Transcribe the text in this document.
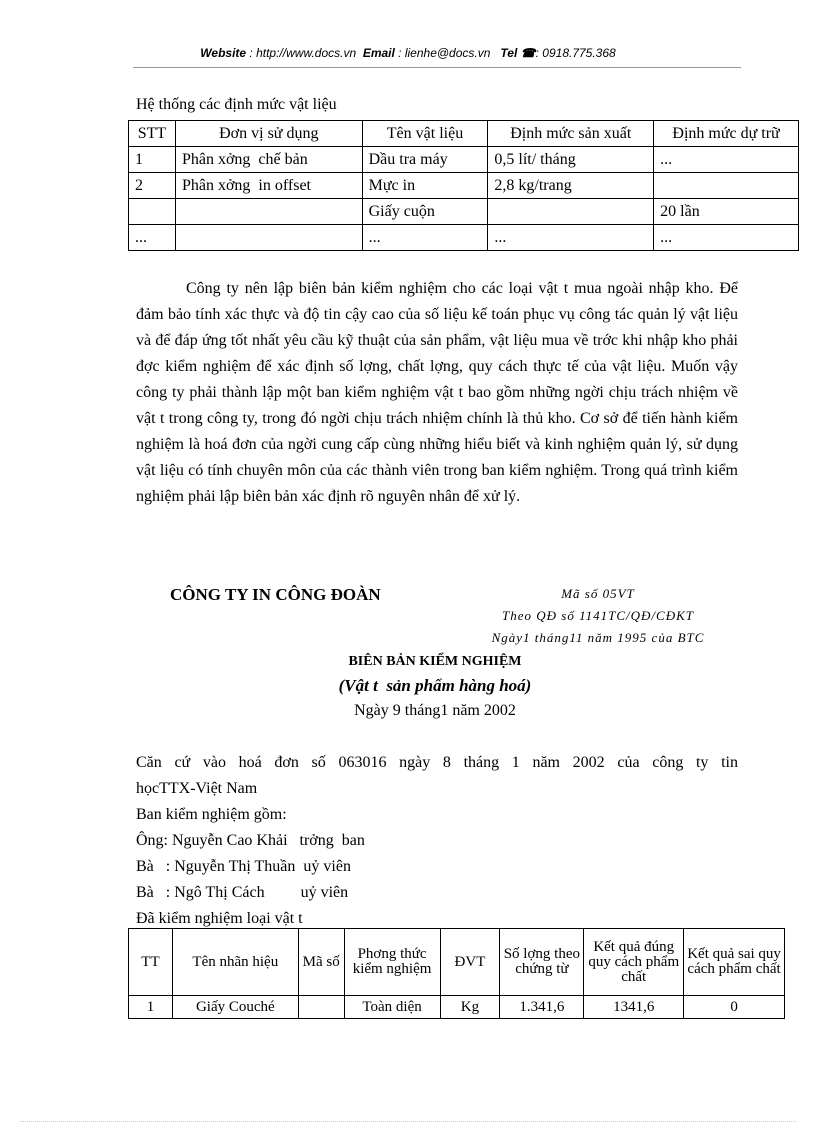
Website : http://www.docs.vn Email : lienhe@docs.vn Tel ☎: 0918.775.368
Hệ thống các định mức vật liệu
STT	Đơn vị sử dụng	Tên vật liệu	Định mức sản xuất	Định mức dự trữ
1	Phân xởng  chế bản	Dầu tra máy	0,5 lít/ tháng	...
2	Phân xởng  in offset	Mực in	2,8 kg/trang	
		Giấy cuộn		20 lần
...		...	...	...

Công ty nên lập biên bản kiểm nghiệm cho các loại vật t mua ngoài nhập kho. Để đảm bảo tính xác thực và độ tin cậy cao của số liệu kế toán phục vụ công tác quản lý vật liệu và để đáp ứng tốt nhất yêu cầu kỹ thuật của sản phẩm, vật liệu mua về trớc khi nhập kho phải đợc kiểm nghiệm để xác định số lợng, chất lợng, quy cách thực tế của vật liệu. Muốn vậy công ty phải thành lập một ban kiểm nghiệm vật t bao gồm những ngời chịu trách nhiệm về vật t trong công ty, trong đó ngời chịu trách nhiệm chính là thủ kho. Cơ sở để tiến hành kiểm nghiệm là hoá đơn của ngời cung cấp cùng những hiểu biết và kinh nghiệm quản lý, sử dụng vật liệu có tính chuyên môn của các thành viên trong ban kiểm nghiệm. Trong quá trình kiểm nghiệm phải lập biên bản xác định rõ nguyên nhân để xử lý.

CÔNG TY IN CÔNG ĐOÀN	Mã số 05VT
Theo QĐ số 1141TC/QĐ/CĐKT
Ngày1 tháng11 năm 1995 của BTC
BIÊN BẢN KIỂM NGHIỆM
(Vật t  sản phẩm hàng hoá)
Ngày 9 tháng1 năm 2002
Căn cứ vào hoá đơn số 063016 ngày 8 tháng 1 năm 2002 của công ty tin
họcTTX-Việt Nam
Ban kiểm nghiệm gồm:
Ông: Nguyễn Cao Khải   trởng  ban
Bà   : Nguyễn Thị Thuần  uỷ viên
Bà   : Ngô Thị Cách         uỷ viên
Đã kiểm nghiệm loại vật t
TT	Tên nhãn hiệu	Mã số	Phơng thức kiểm nghiệm	ĐVT	Số lợng theo chứng từ	Kết quả đúng quy cách phẩm chất	Kết quả sai quy cách phẩm chất
1	Giấy Couché		Toàn diện	Kg	1.341,6	1341,6	0
